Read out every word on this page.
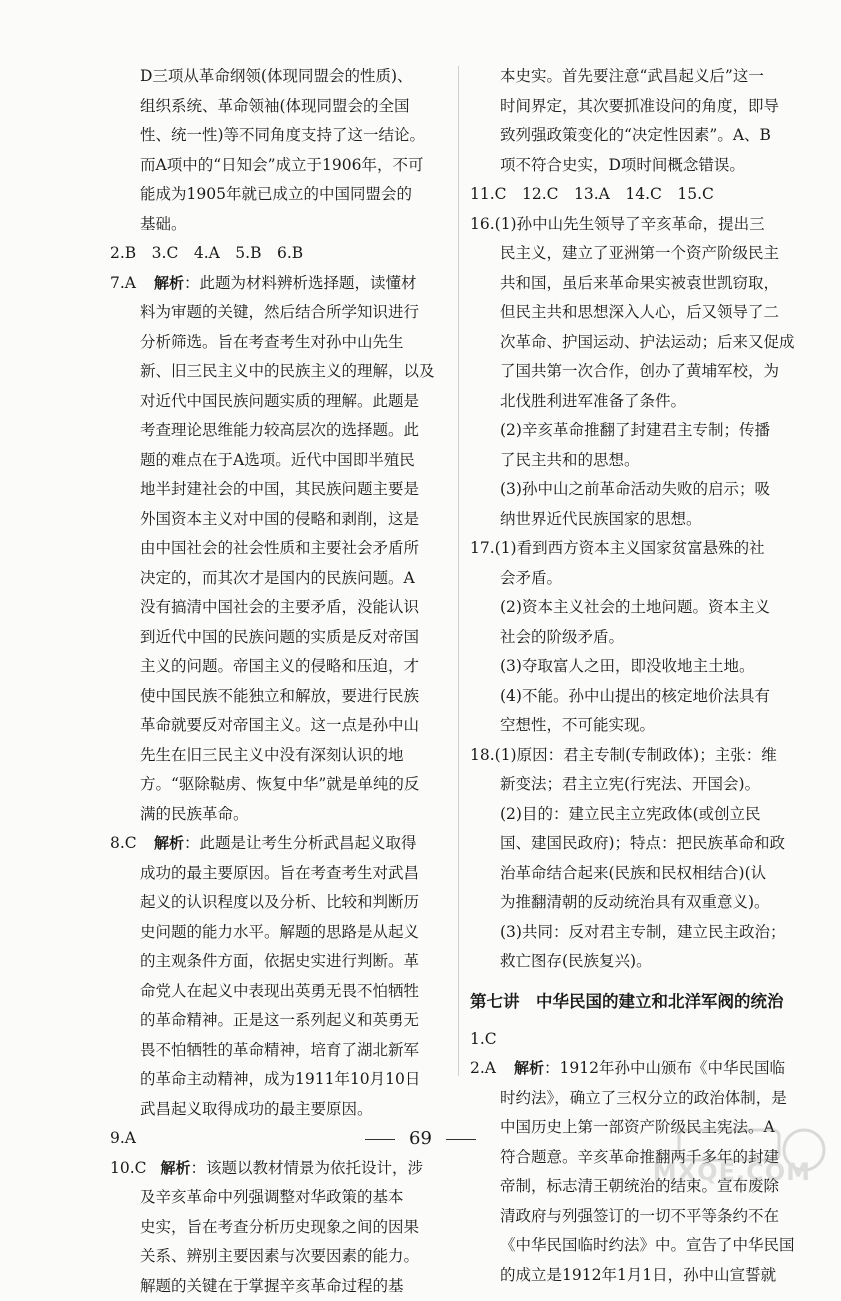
D三项从革命纲领(体现同盟会的性质)、
组织系统、革命领袖(体现同盟会的全国
性、统一性)等不同角度支持了这一结论。
而A项中的“日知会”成立于1906年，不可
能成为1905年就已成立的中国同盟会的
基础。
2.B　3.C　4.A　5.B　6.B
7.A 解析：此题为材料辨析选择题，读懂材
料为审题的关键，然后结合所学知识进行
分析筛选。旨在考查考生对孙中山先生
新、旧三民主义中的民族主义的理解，以及
对近代中国民族问题实质的理解。此题是
考查理论思维能力较高层次的选择题。此
题的难点在于A选项。近代中国即半殖民
地半封建社会的中国，其民族问题主要是
外国资本主义对中国的侵略和剥削，这是
由中国社会的社会性质和主要社会矛盾所
决定的，而其次才是国内的民族问题。A
没有搞清中国社会的主要矛盾，没能认识
到近代中国的民族问题的实质是反对帝国
主义的问题。帝国主义的侵略和压迫，才
使中国民族不能独立和解放，要进行民族
革命就要反对帝国主义。这一点是孙中山
先生在旧三民主义中没有深刻认识的地
方。“驱除鞑虏、恢复中华”就是单纯的反
满的民族革命。
8.C 解析：此题是让考生分析武昌起义取得
成功的最主要原因。旨在考查考生对武昌
起义的认识程度以及分析、比较和判断历
史问题的能力水平。解题的思路是从起义
的主观条件方面，依据史实进行判断。革
命党人在起义中表现出英勇无畏不怕牺牲
的革命精神。正是这一系列起义和英勇无
畏不怕牺牲的革命精神，培育了湖北新军
的革命主动精神，成为1911年10月10日
武昌起义取得成功的最主要原因。
9.A
10.C 解析：该题以教材情景为依托设计，涉
及辛亥革命中列强调整对华政策的基本
史实，旨在考查分析历史现象之间的因果
关系、辨别主要因素与次要因素的能力。
解题的关键在于掌握辛亥革命过程的基
本史实。首先要注意“武昌起义后”这一
时间界定，其次要抓准设问的角度，即导
致列强政策变化的“决定性因素”。A、B
项不符合史实，D项时间概念错误。
11.C　12.C　13.A　14.C　15.C
16.(1)孙中山先生领导了辛亥革命，提出三
民主义，建立了亚洲第一个资产阶级民主
共和国，虽后来革命果实被袁世凯窃取，
但民主共和思想深入人心，后又领导了二
次革命、护国运动、护法运动；后来又促成
了国共第一次合作，创办了黄埔军校，为
北伐胜利进军准备了条件。
(2)辛亥革命推翻了封建君主专制；传播
了民主共和的思想。
(3)孙中山之前革命活动失败的启示；吸
纳世界近代民族国家的思想。
17.(1)看到西方资本主义国家贫富悬殊的社
会矛盾。
(2)资本主义社会的土地问题。资本主义
社会的阶级矛盾。
(3)夺取富人之田，即没收地主土地。
(4)不能。孙中山提出的核定地价法具有
空想性，不可能实现。
18.(1)原因：君主专制(专制政体)；主张：维
新变法；君主立宪(行宪法、开国会)。
(2)目的：建立民主立宪政体(或创立民
国、建国民政府)；特点：把民族革命和政
治革命结合起来(民族和民权相结合)(认
为推翻清朝的反动统治具有双重意义)。
(3)共同：反对君主专制，建立民主政治；
救亡图存(民族复兴)。
第七讲　中华民国的建立和北洋军阀的统治
1.C
2.A 解析：1912年孙中山颁布《中华民国临
时约法》，确立了三权分立的政治体制，是
中国历史上第一部资产阶级民主宪法。A
符合题意。辛亥革命推翻两千多年的封建
帝制，标志清王朝统治的结束。宣布废除
清政府与列强签订的一切不平等条约不在
《中华民国临时约法》中。宣告了中华民国
的成立是1912年1月1日，孙中山宣誓就
69
MXQE.COM
